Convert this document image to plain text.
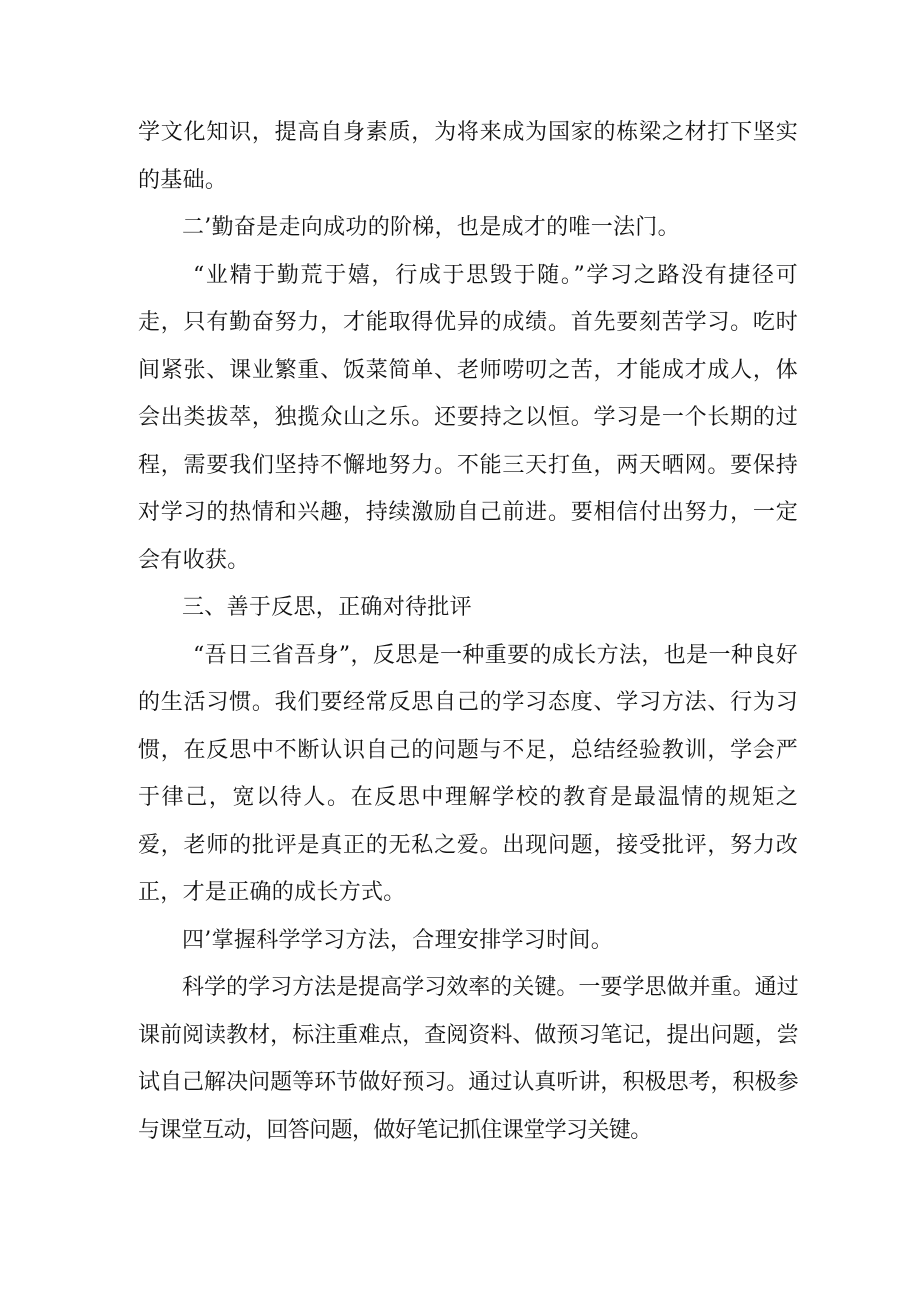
学文化知识，提高自身素质，为将来成为国家的栋梁之材打下坚实的基础。

二’勤奋是走向成功的阶梯，也是成才的唯一法门。

“业精于勤荒于嬉，行成于思毁于随。”学习之路没有捷径可走，只有勤奋努力，才能取得优异的成绩。首先要刻苦学习。吃时间紧张、课业繁重、饭菜简单、老师唠叨之苦，才能成才成人，体会出类拔萃，独揽众山之乐。还要持之以恒。学习是一个长期的过程，需要我们坚持不懈地努力。不能三天打鱼，两天晒网。要保持对学习的热情和兴趣，持续激励自己前进。要相信付出努力，一定会有收获。

三、善于反思，正确对待批评

“吾日三省吾身”，反思是一种重要的成长方法，也是一种良好的生活习惯。我们要经常反思自己的学习态度、学习方法、行为习惯，在反思中不断认识自己的问题与不足，总结经验教训，学会严于律己，宽以待人。在反思中理解学校的教育是最温情的规矩之爱，老师的批评是真正的无私之爱。出现问题，接受批评，努力改正，才是正确的成长方式。

四’掌握科学学习方法，合理安排学习时间。

科学的学习方法是提高学习效率的关键。一要学思做并重。通过课前阅读教材，标注重难点，查阅资料、做预习笔记，提出问题，尝试自己解决问题等环节做好预习。通过认真听讲，积极思考，积极参与课堂互动，回答问题，做好笔记抓住课堂学习关键。
